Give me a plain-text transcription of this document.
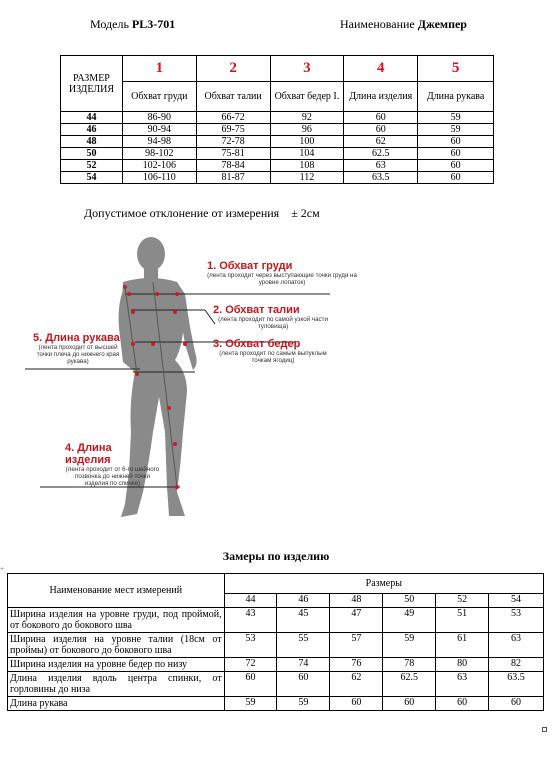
Модель PL3-701	Наименование Джемпер
РАЗМЕР ИЗДЕЛИЯ	1	2	3	4	5
	Обхват груди	Обхват талии	Обхват бедер I.	Длина изделия	Длина рукава
44	86-90	66-72	92	60	59
46	90-94	69-75	96	60	59
48	94-98	72-78	100	62	60
50	98-102	75-81	104	62.5	60
52	102-106	78-84	108	63	60
54	106-110	81-87	112	63.5	60
Допустимое отклонение от измерения ± 2см
1. Обхват груди
(лента проходит через выступающие точки груди на уровне лопаток)
2. Обхват талии
(лента проходит по самой узкой части туловища)
3. Обхват бедер
(лента проходит по самым выпуклым точкам ягодиц)
5. Длина рукава
(лента проходит от высшей точки плеча до нижнего края рукава)
4. Длина изделия
(лента проходит от 6-го шейного позвонка до нижней точки изделия по спинке)
Замеры по изделию
+
Наименование мест измерений	Размеры					
	44	46	48	50	52	54
Ширина изделия на уровне груди, под проймой, от бокового до бокового шва	43	45	47	49	51	53
Ширина изделия на уровне талии (18см от проймы) от бокового до бокового шва	53	55	57	59	61	63
Ширина изделия на уровне бедер по низу	72	74	76	78	80	82
Длина изделия вдоль центра спинки, от горловины до низа	60	60	62	62.5	63	63.5
Длина рукава	59	59	60	60	60	60
